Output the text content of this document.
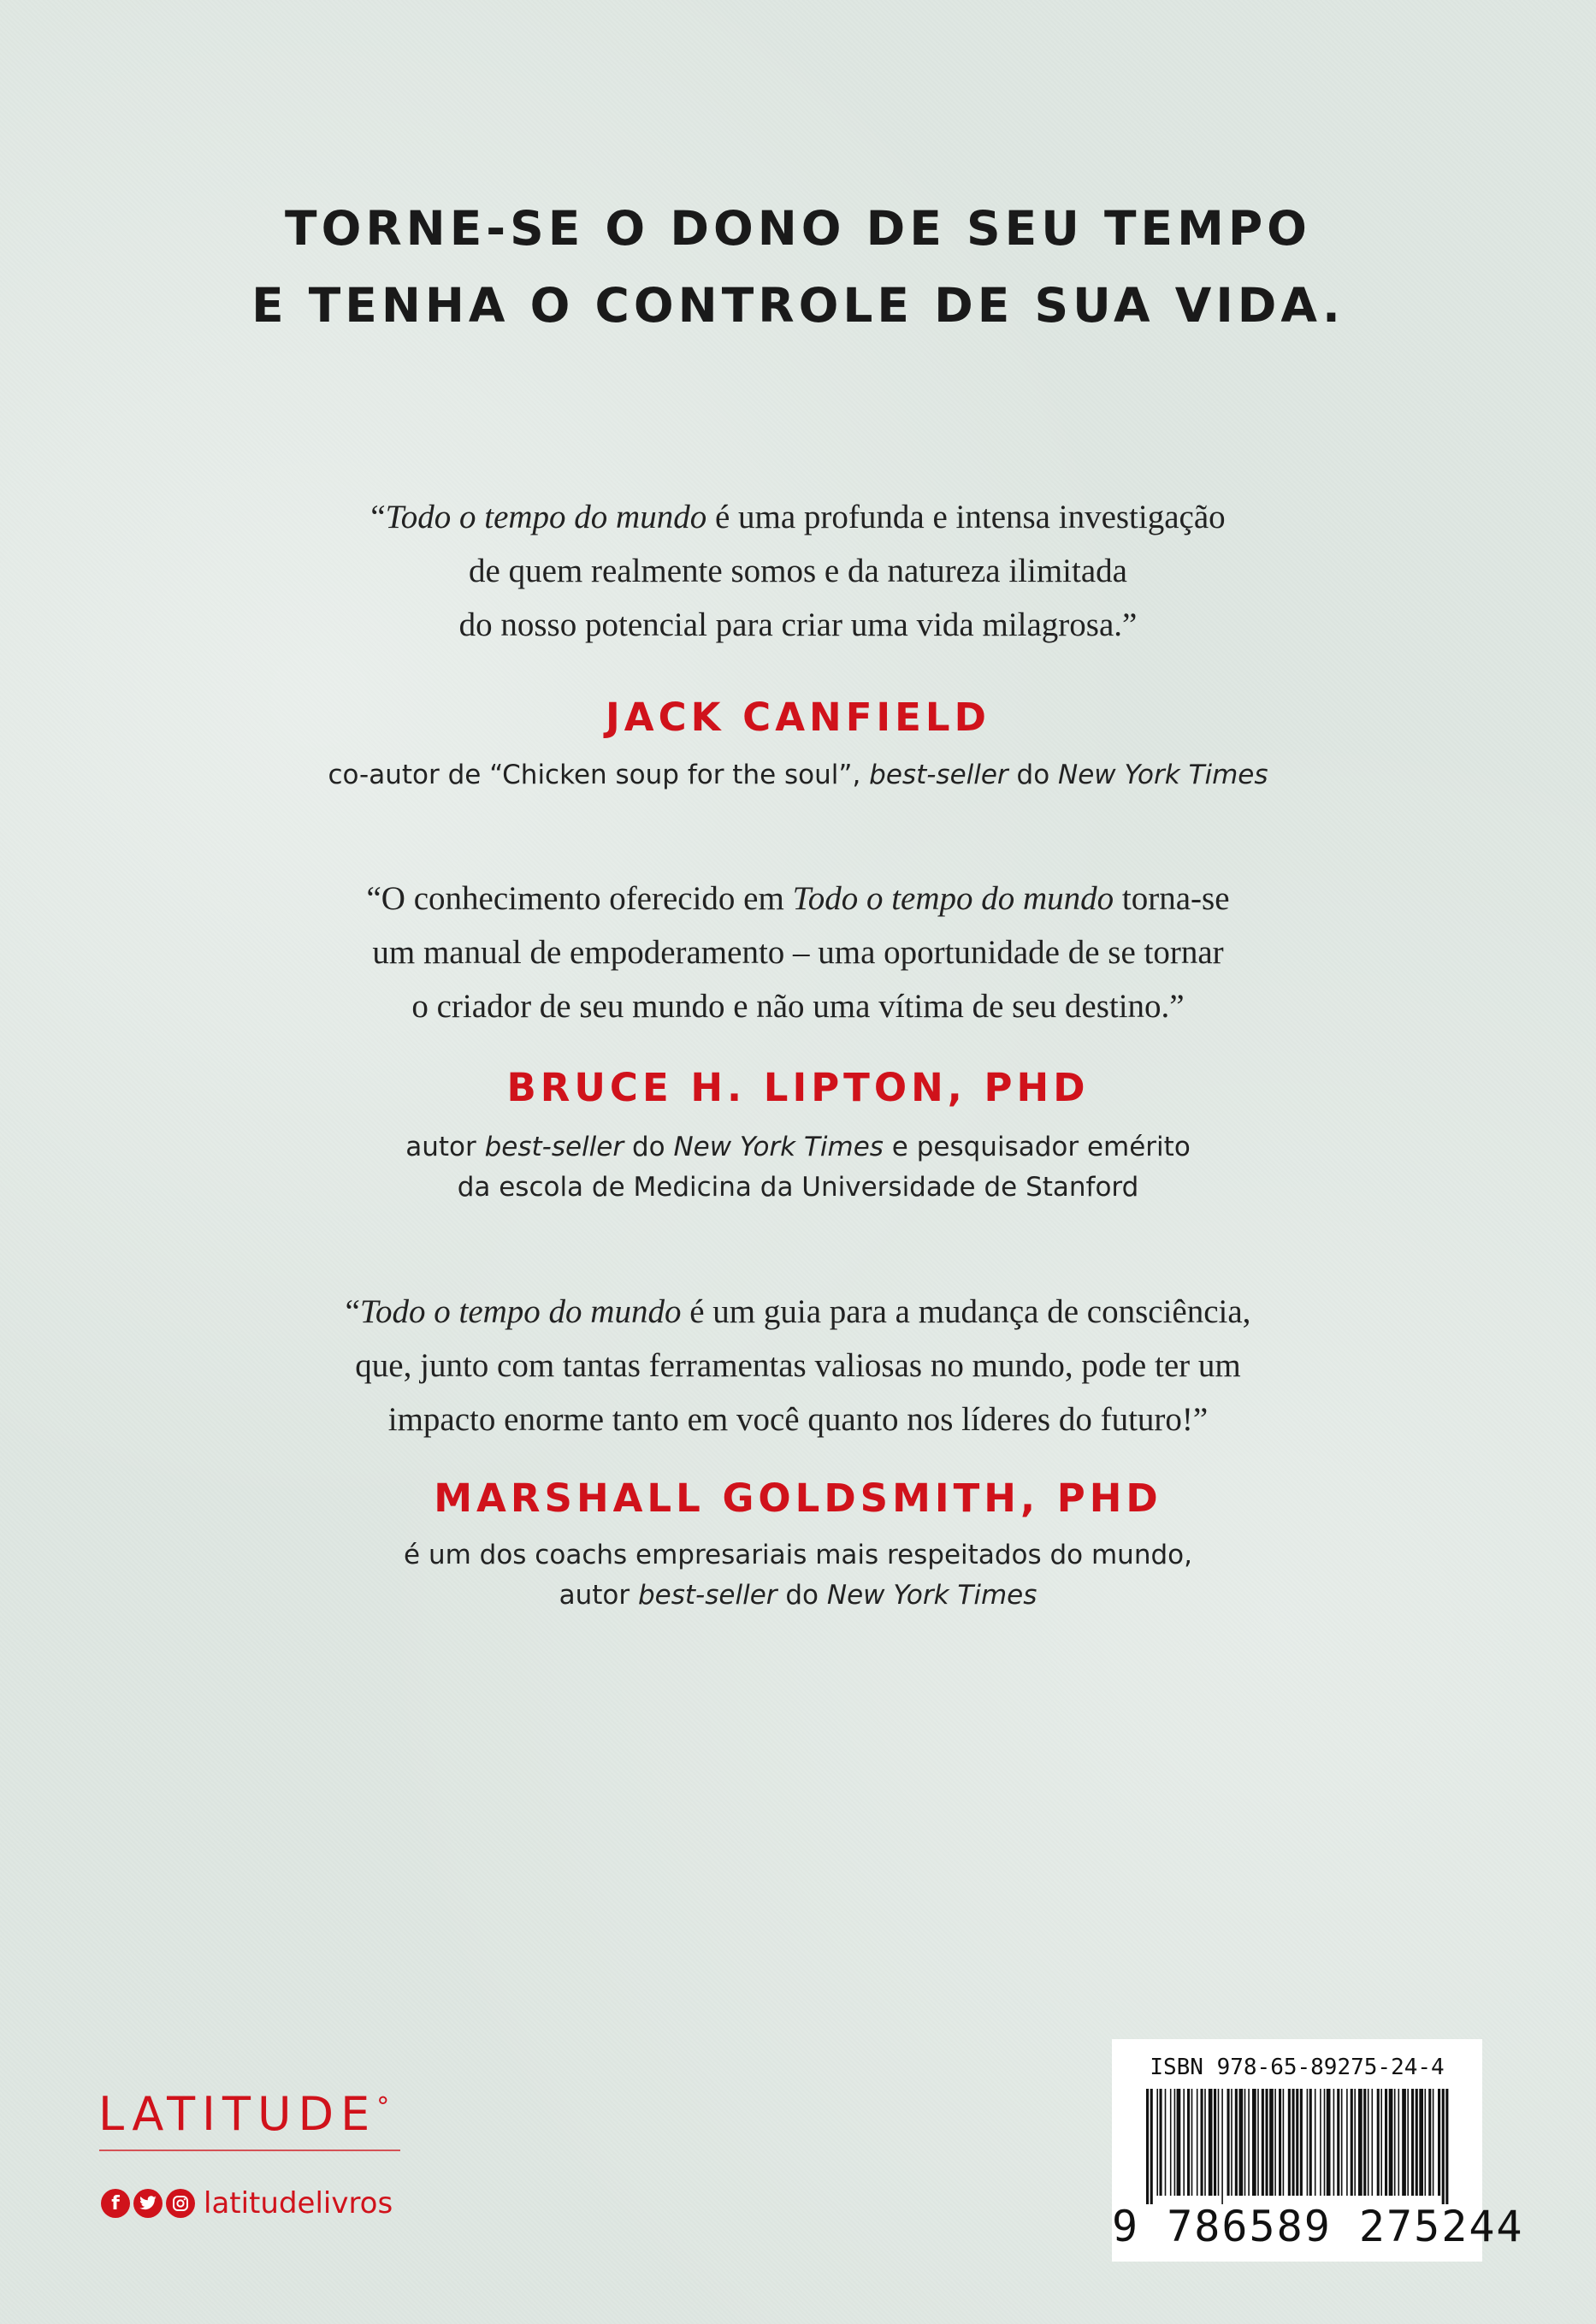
TORNE-SE O DONO DE SEU TEMPO
E TENHA O CONTROLE DE SUA VIDA.
“Todo o tempo do mundo é uma profunda e intensa investigação
de quem realmente somos e da natureza ilimitada
do nosso potencial para criar uma vida milagrosa.”
JACK CANFIELD
co-autor de “Chicken soup for the soul”, best-seller do New York Times
“O conhecimento oferecido em Todo o tempo do mundo torna-se
um manual de empoderamento – uma oportunidade de se tornar
o criador de seu mundo e não uma vítima de seu destino.”
BRUCE H. LIPTON, PHD
autor best-seller do New York Times e pesquisador emérito
da escola de Medicina da Universidade de Stanford
“Todo o tempo do mundo é um guia para a mudança de consciência,
que, junto com tantas ferramentas valiosas no mundo, pode ter um
impacto enorme tanto em você quanto nos líderes do futuro!”
MARSHALL GOLDSMITH, PHD
é um dos coachs empresariais mais respeitados do mundo,
autor best-seller do New York Times
LATITUDE°
f	latitudelivros
ISBN 978-65-89275-24-4
9 786589 275244
